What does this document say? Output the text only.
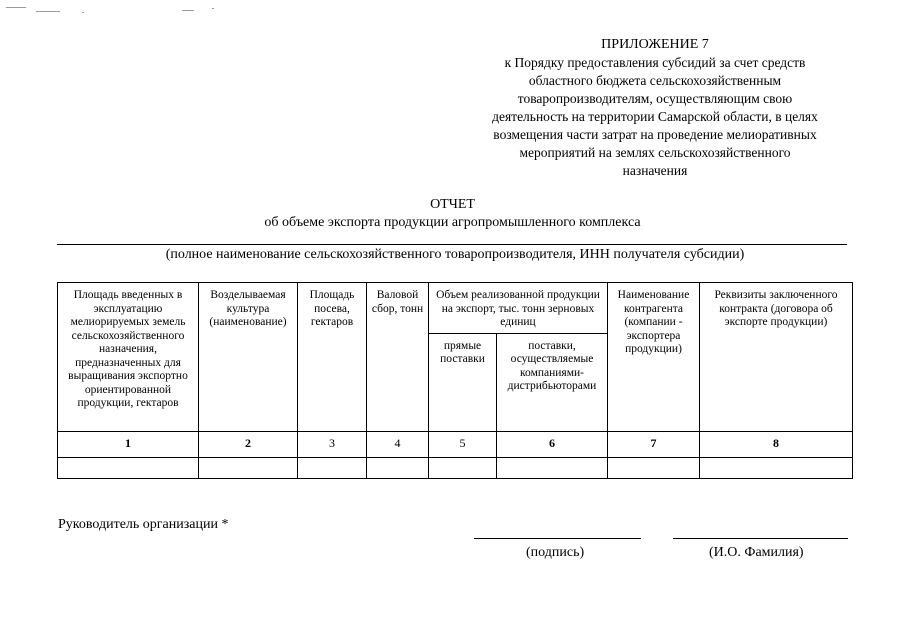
ПРИЛОЖЕНИЕ 7
к Порядку предоставления субсидий за счет средств
областного бюджета сельскохозяйственным
товаропроизводителям, осуществляющим свою
деятельность на территории Самарской области, в целях
возмещения части затрат на проведение мелиоративных
мероприятий на землях сельскохозяйственного
назначения
ОТЧЕТ
об объеме экспорта продукции агропромышленного комплекса
(полное наименование сельскохозяйственного товаропроизводителя, ИНН получателя субсидии)
Площадь введенных в эксплуатацию мелиорируемых земель сельскохозяйственного назначения, предназначенных для выращивания экспортно ориентированной продукции, гектаров	Возделываемая культура (наименование)	Площадь посева, гектаров	Валовой сбор, тонн	Объем реализованной продукции на экспорт, тыс. тонн зерновых единиц		Наименование контрагента (компании - экспортера продукции)	Реквизиты заключенного контракта (договора об экспорте продукции)
				прямые поставки	поставки, осуществляемые компаниями-дистрибьюторами		
1	2	3	4	5	6	7	8

Руководитель организации *
(подпись)	(И.О. Фамилия)
